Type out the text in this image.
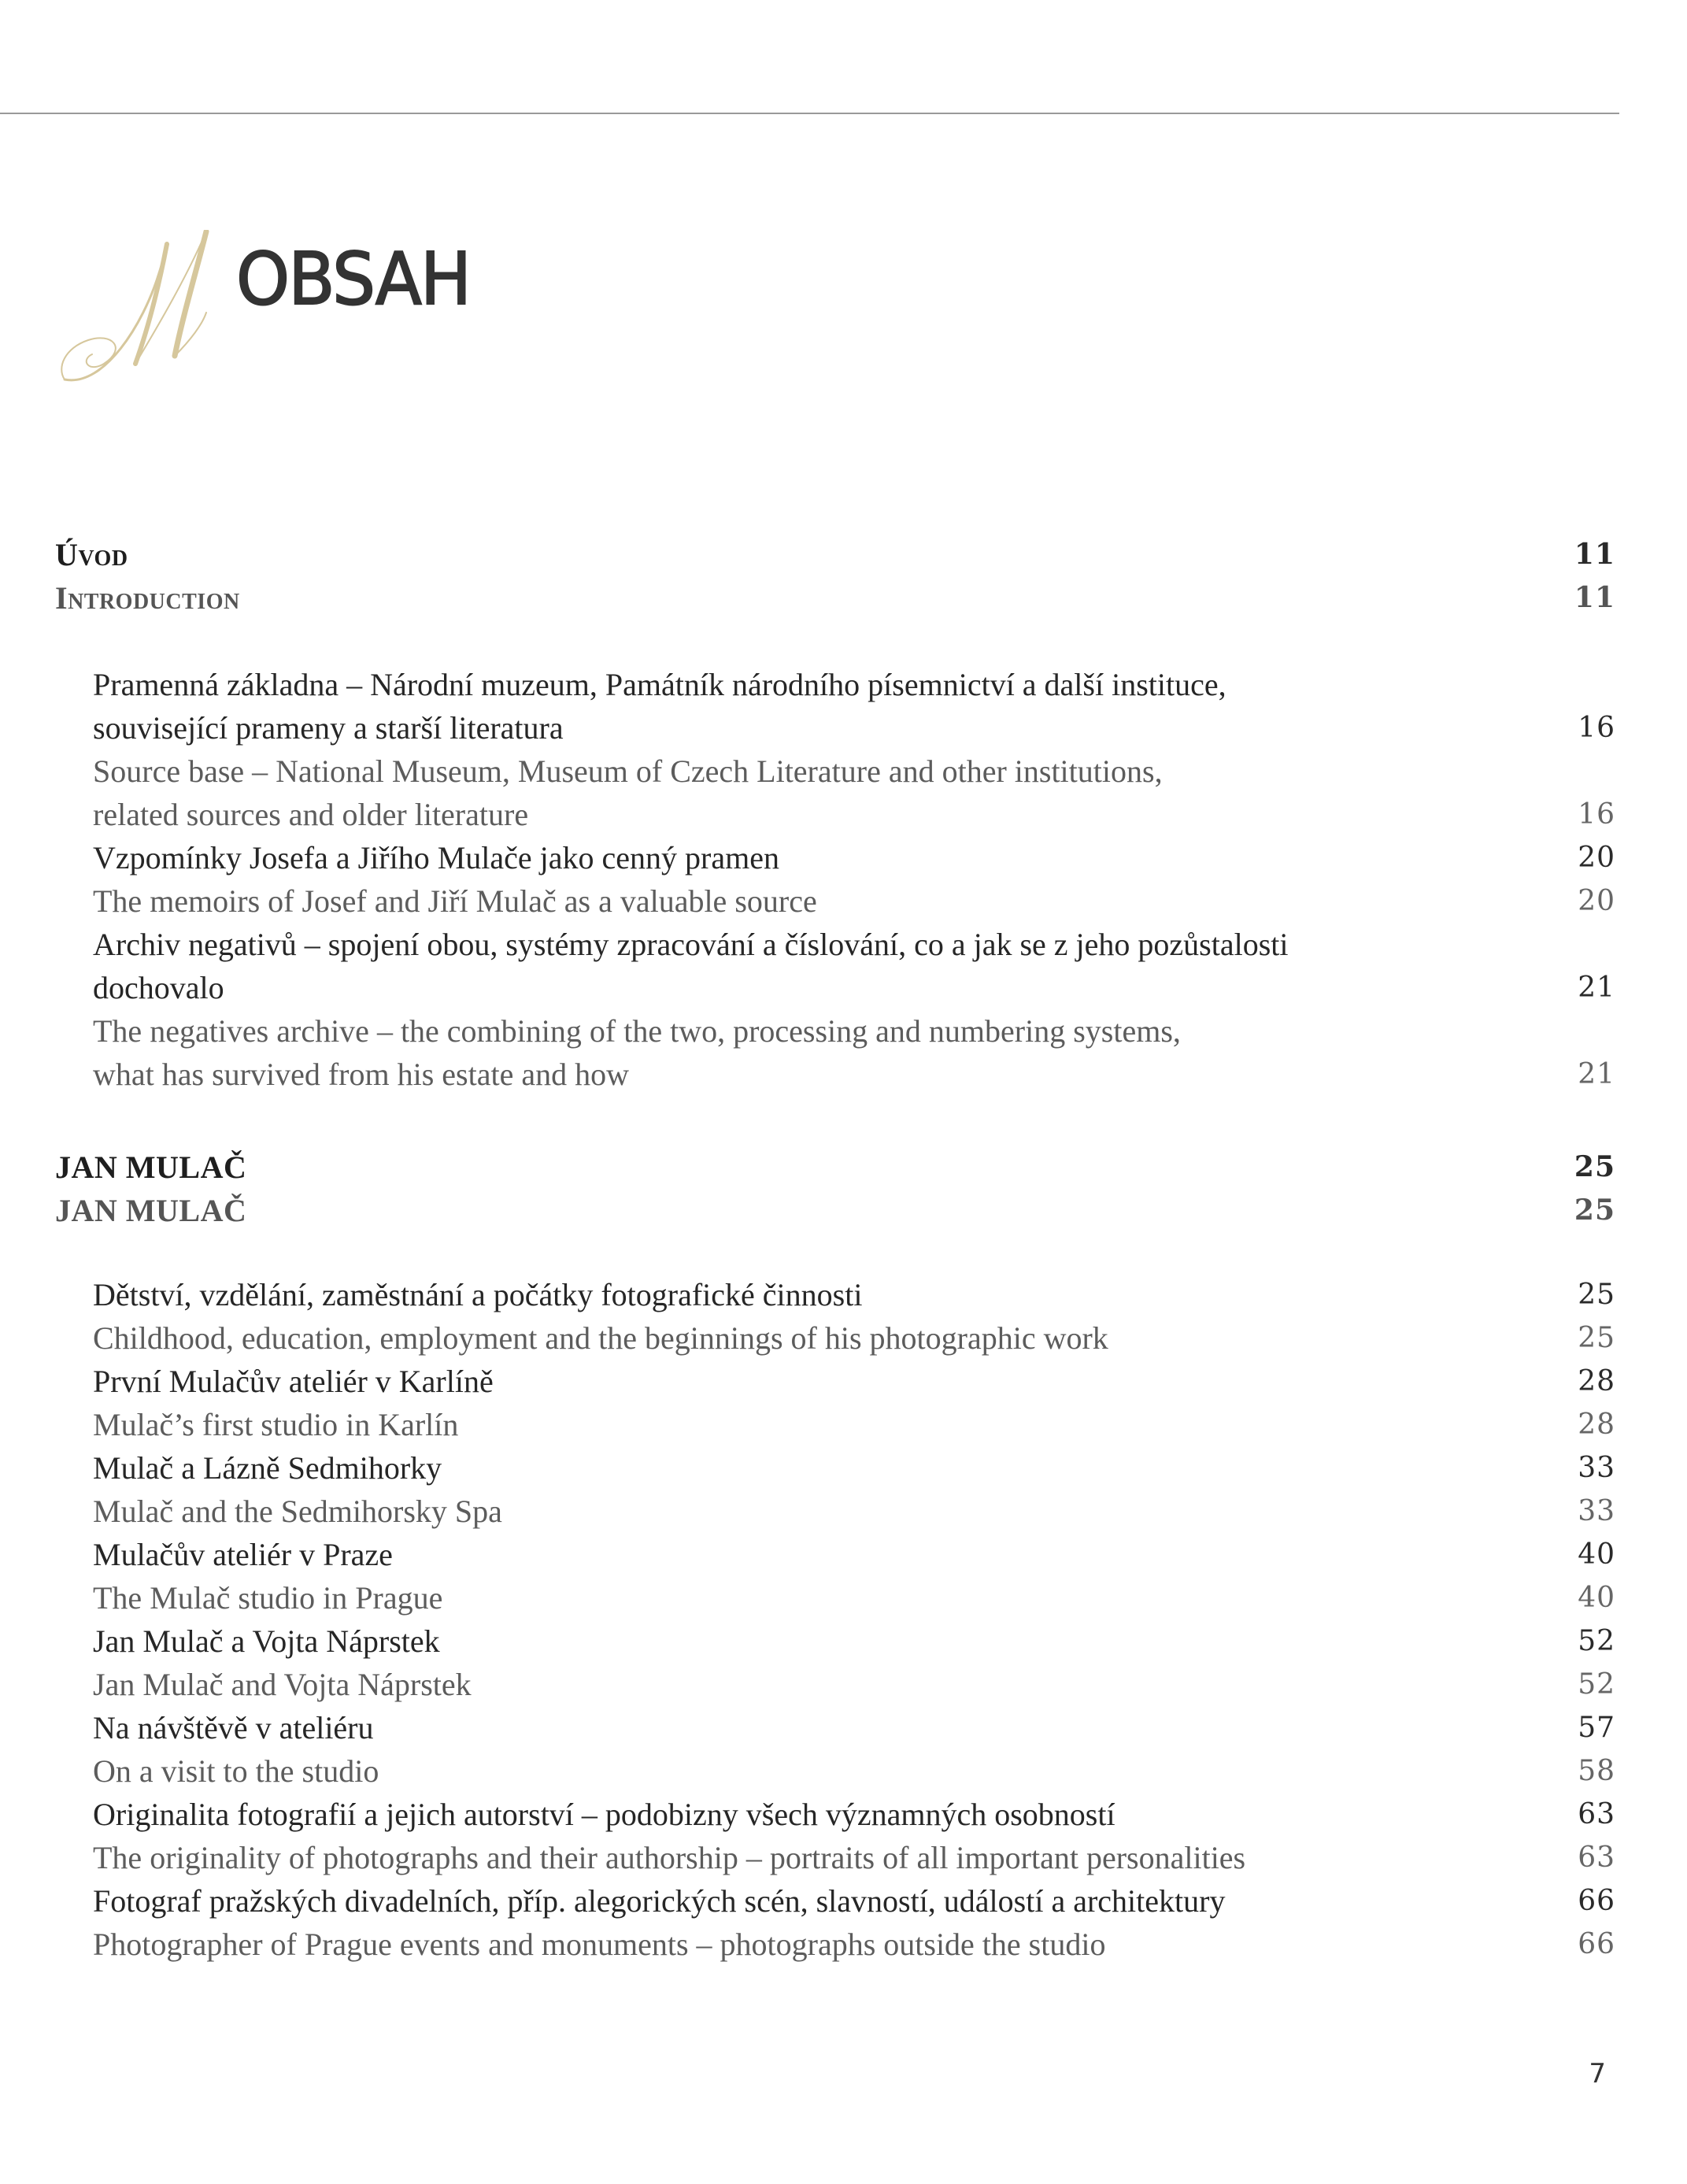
OBSAH
Úvod	11
Introduction	11
Pramenná základna – Národní muzeum, Památník národního písemnictví a další instituce,
související prameny a starší literatura	16
Source base – National Museum, Museum of Czech Literature and other institutions,
related sources and older literature	16
Vzpomínky Josefa a Jiřího Mulače jako cenný pramen	20
The memoirs of Josef and Jiří Mulač as a valuable source	20
Archiv negativů – spojení obou, systémy zpracování a číslování, co a jak se z jeho pozůstalosti
dochovalo	21
The negatives archive – the combining of the two, processing and numbering systems,
what has survived from his estate and how	21
JAN MULAČ	25
JAN MULAČ	25
Dětství, vzdělání, zaměstnání a počátky fotografické činnosti	25
Childhood, education, employment and the beginnings of his photographic work	25
První Mulačův ateliér v Karlíně	28
Mulač’s first studio in Karlín	28
Mulač a Lázně Sedmihorky	33
Mulač and the Sedmihorsky Spa	33
Mulačův ateliér v Praze	40
The Mulač studio in Prague	40
Jan Mulač a Vojta Náprstek	52
Jan Mulač and Vojta Náprstek	52
Na návštěvě v ateliéru	57
On a visit to the studio	58
Originalita fotografií a jejich autorství – podobizny všech významných osobností	63
The originality of photographs and their authorship – portraits of all important personalities	63
Fotograf pražských divadelních, příp. alegorických scén, slavností, událostí a architektury	66
Photographer of Prague events and monuments – photographs outside the studio	66
7
